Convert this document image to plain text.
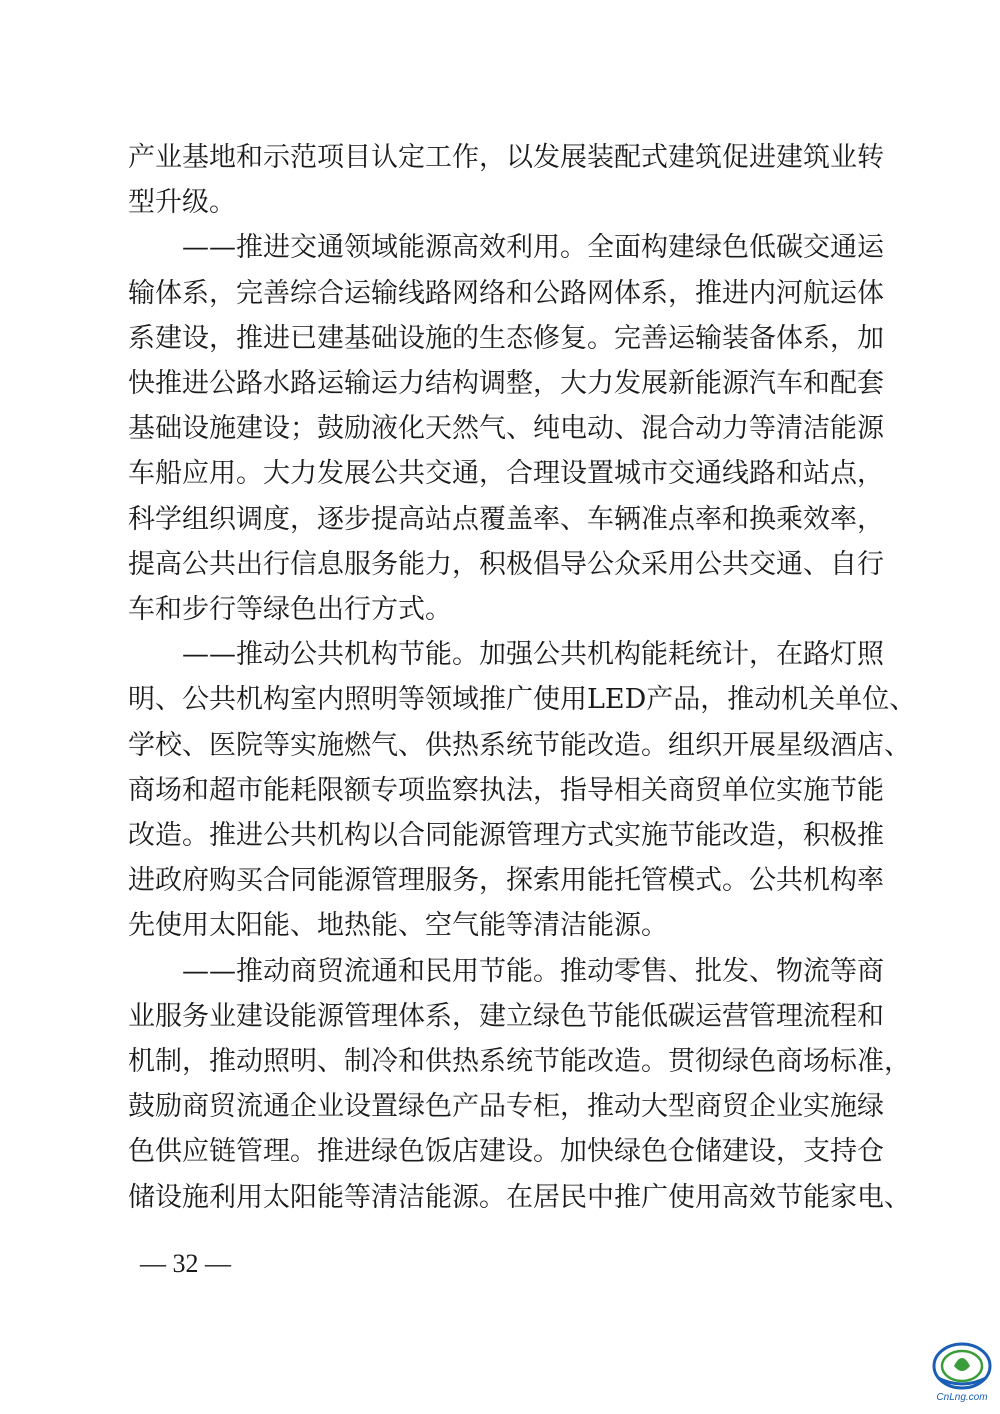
产业基地和示范项目认定工作，以发展装配式建筑促进建筑业转
型升级。
——推进交通领域能源高效利用。全面构建绿色低碳交通运
输体系，完善综合运输线路网络和公路网体系，推进内河航运体
系建设，推进已建基础设施的生态修复。完善运输装备体系，加
快推进公路水路运输运力结构调整，大力发展新能源汽车和配套
基础设施建设；鼓励液化天然气、纯电动、混合动力等清洁能源
车船应用。大力发展公共交通，合理设置城市交通线路和站点，
科学组织调度，逐步提高站点覆盖率、车辆准点率和换乘效率，
提高公共出行信息服务能力，积极倡导公众采用公共交通、自行
车和步行等绿色出行方式。
——推动公共机构节能。加强公共机构能耗统计，在路灯照
明、公共机构室内照明等领域推广使用LED产品，推动机关单位、
学校、医院等实施燃气、供热系统节能改造。组织开展星级酒店、
商场和超市能耗限额专项监察执法，指导相关商贸单位实施节能
改造。推进公共机构以合同能源管理方式实施节能改造，积极推
进政府购买合同能源管理服务，探索用能托管模式。公共机构率
先使用太阳能、地热能、空气能等清洁能源。
——推动商贸流通和民用节能。推动零售、批发、物流等商
业服务业建设能源管理体系，建立绿色节能低碳运营管理流程和
机制，推动照明、制冷和供热系统节能改造。贯彻绿色商场标准，
鼓励商贸流通企业设置绿色产品专柜，推动大型商贸企业实施绿
色供应链管理。推进绿色饭店建设。加快绿色仓储建设，支持仓
储设施利用太阳能等清洁能源。在居民中推广使用高效节能家电、
— 32 —
CnLng.com
